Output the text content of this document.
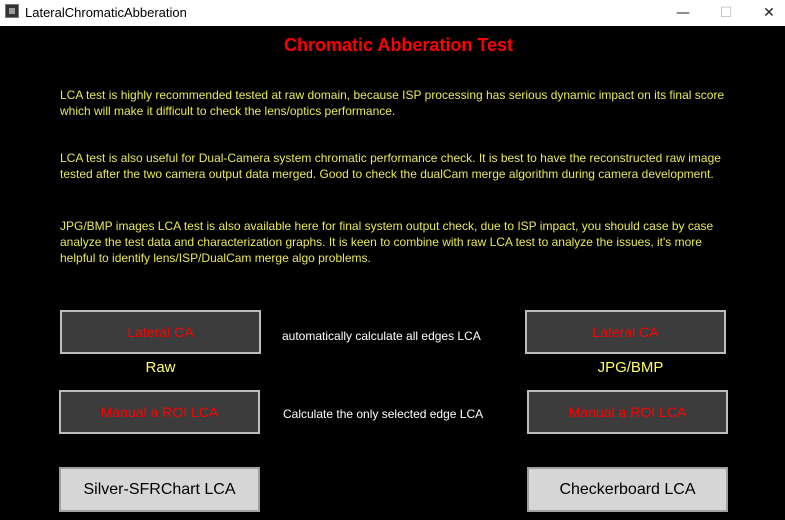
LateralChromaticAbberation	—	☐	✕
Chromatic Abberation Test
LCA test is highly recommended tested at raw domain, because ISP processing has serious dynamic impact on its final score which will make it difficult to check the lens/optics performance.
LCA test is also useful for Dual-Camera system chromatic performance check. It is best to have the reconstructed raw image tested after the two camera output data merged. Good to check the dualCam merge algorithm during camera development.
JPG/BMP images LCA test is also available here for final system output check, due to ISP impact, you should case by case analyze the test data and characterization graphs. It is keen to combine with raw LCA test to analyze the issues, it's more helpful to identify lens/ISP/DualCam merge algo problems.
Lateral CA	automatically calculate all edges LCA	Lateral CA
Raw	JPG/BMP
Manual a ROI LCA	Calculate the only selected edge LCA	Manual a ROI LCA
Silver-SFRChart LCA	Checkerboard LCA
